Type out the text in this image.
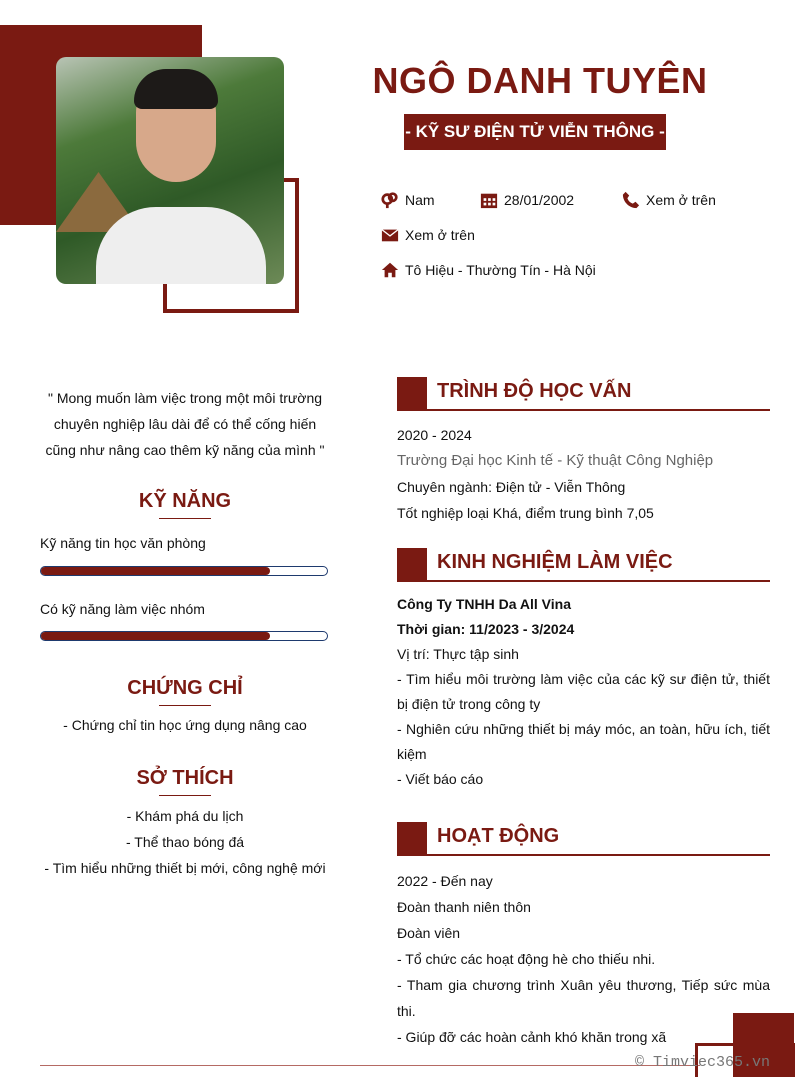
NGÔ DANH TUYÊN
- KỸ SƯ ĐIỆN TỬ VIỄN THÔNG -
Nam	28/01/2002	Xem ở trên
Xem ở trên
Tô Hiệu - Thường Tín - Hà Nội
" Mong muốn làm việc trong một môi trường chuyên nghiệp lâu dài để có thể cống hiến cũng như nâng cao thêm kỹ năng của mình "
KỸ NĂNG
Kỹ năng tin học văn phòng
Có kỹ năng làm việc nhóm
CHỨNG CHỈ
- Chứng chỉ tin học ứng dụng nâng cao
SỞ THÍCH
- Khám phá du lịch
- Thể thao bóng đá
- Tìm hiểu những thiết bị mới, công nghệ mới
TRÌNH ĐỘ HỌC VẤN
2020 - 2024
Trường Đại học Kinh tế - Kỹ thuật Công Nghiệp
Chuyên ngành: Điện tử - Viễn Thông
Tốt nghiệp loại Khá, điểm trung bình 7,05
KINH NGHIỆM LÀM VIỆC
Công Ty TNHH Da All Vina
Thời gian: 11/2023 - 3/2024
Vị trí: Thực tập sinh
- Tìm hiểu môi trường làm việc của các kỹ sư điện tử, thiết bị điện tử trong công ty
- Nghiên cứu những thiết bị máy móc, an toàn, hữu ích, tiết kiệm
- Viết báo cáo
HOẠT ĐỘNG
2022 - Đến nay
Đoàn thanh niên thôn
Đoàn viên
- Tổ chức các hoạt động hè cho thiếu nhi.
- Tham gia chương trình Xuân yêu thương, Tiếp sức mùa thi.
- Giúp đỡ các hoàn cảnh khó khăn trong xã
© Timviec365.vn
